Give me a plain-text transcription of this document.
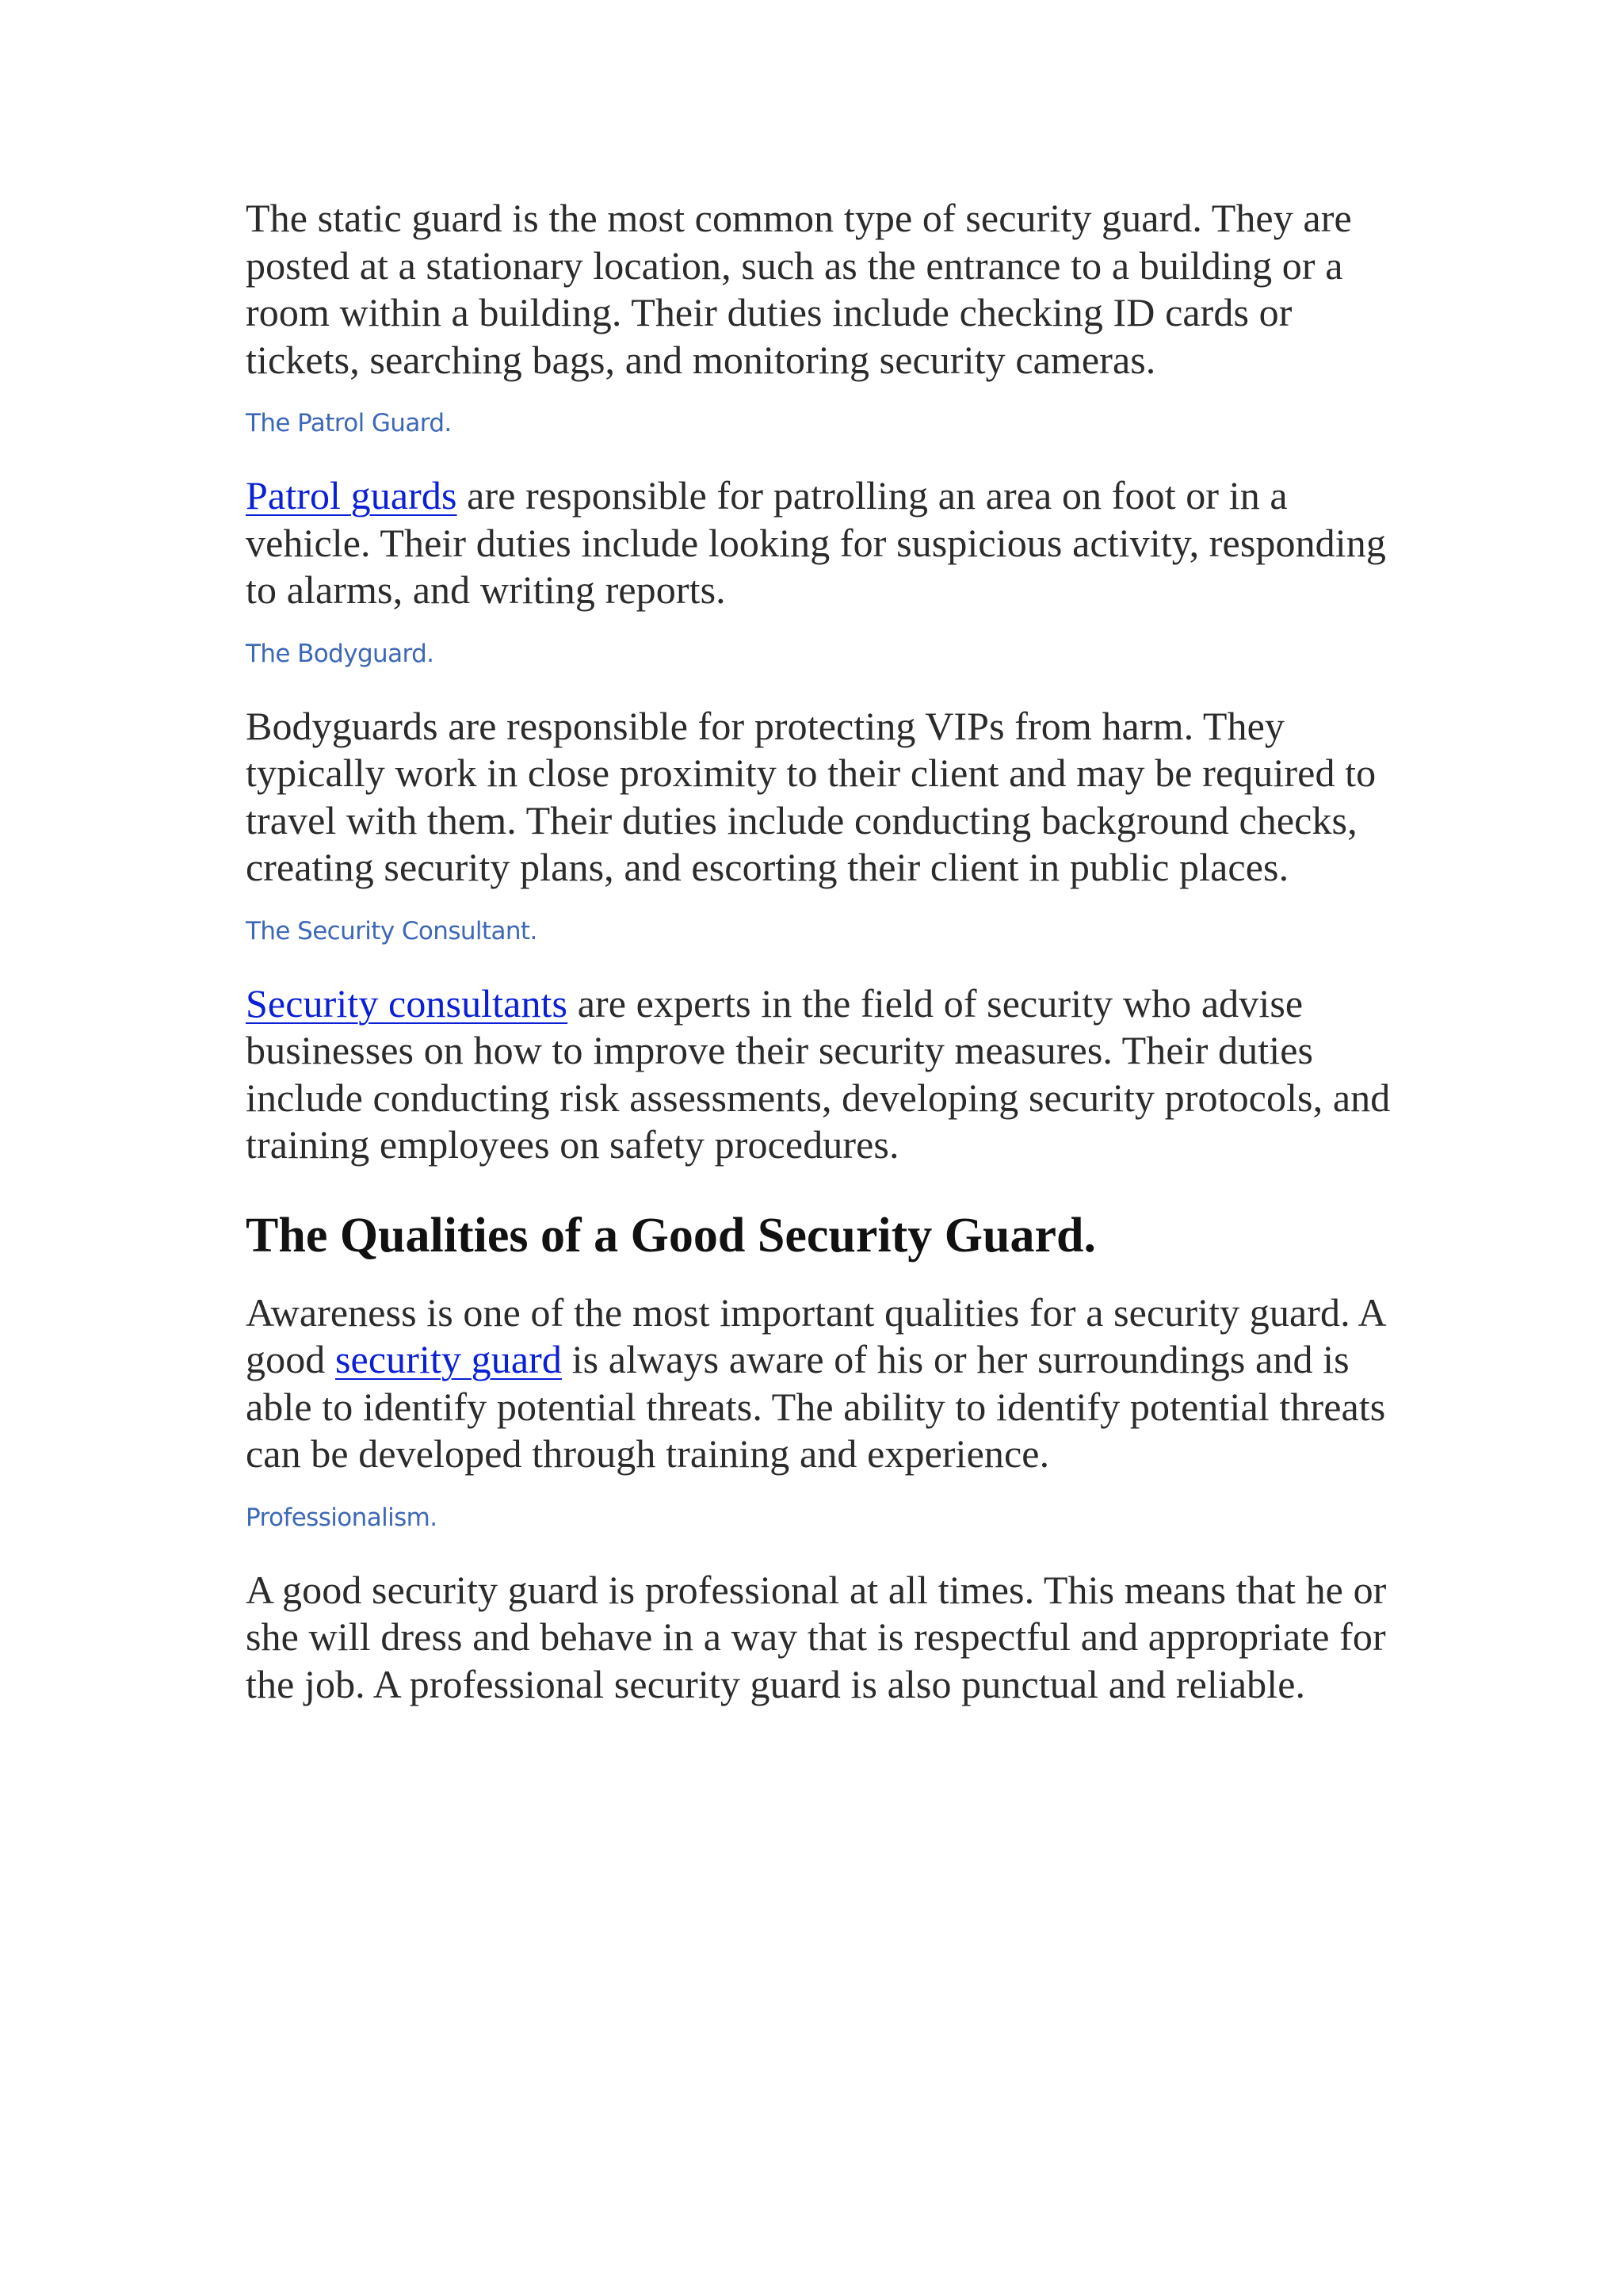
The static guard is the most common type of security guard. They are posted at a stationary location, such as the entrance to a building or a room within a building. Their duties include checking ID cards or tickets, searching bags, and monitoring security cameras.

The Patrol Guard.

Patrol guards are responsible for patrolling an area on foot or in a vehicle. Their duties include looking for suspicious activity, responding to alarms, and writing reports.

The Bodyguard.

Bodyguards are responsible for protecting VIPs from harm. They typically work in close proximity to their client and may be required to travel with them. Their duties include conducting background checks, creating security plans, and escorting their client in public places.

The Security Consultant.

Security consultants are experts in the field of security who advise businesses on how to improve their security measures. Their duties include conducting risk assessments, developing security protocols, and training employees on safety procedures.

The Qualities of a Good Security Guard.

Awareness is one of the most important qualities for a security guard. A good security guard is always aware of his or her surroundings and is able to identify potential threats. The ability to identify potential threats can be developed through training and experience.

Professionalism.

A good security guard is professional at all times. This means that he or she will dress and behave in a way that is respectful and appropriate for the job. A professional security guard is also punctual and reliable.
